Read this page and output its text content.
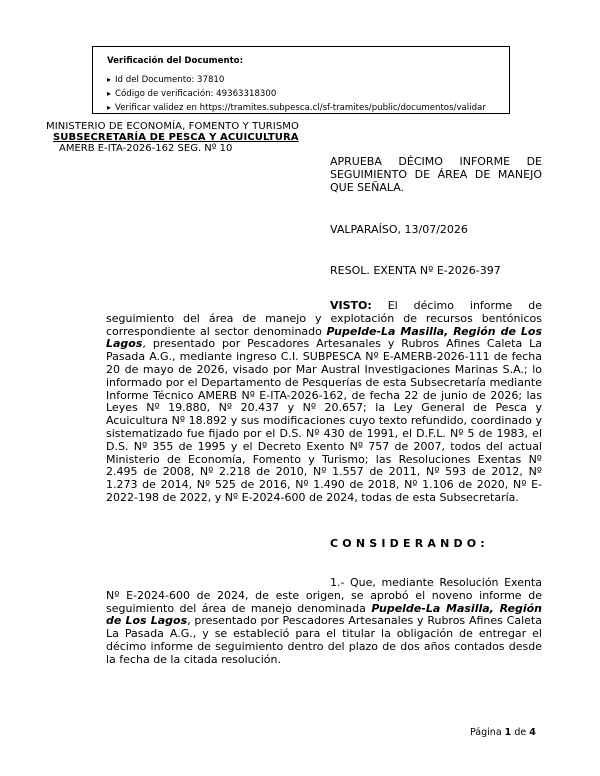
Verificación del Documento:
▸ Id del Documento: 37810
▸ Código de verificación: 49363318300
▸ Verificar validez en https://tramites.subpesca.cl/sf-tramites/public/documentos/validar
MINISTERIO DE ECONOMÍA, FOMENTO Y TURISMO
SUBSECRETARÍA DE PESCA Y ACUICULTURA
AMERB E-ITA-2026-162 SEG. Nº 10
APRUEBA DÉCIMO INFORME DE SEGUIMIENTO DE ÁREA DE MANEJO QUE SEÑALA.
VALPARAÍSO, 13/07/2026
RESOL. EXENTA Nº E-2026-397
VISTO: El décimo informe de seguimiento del área de manejo y explotación de recursos bentónicos correspondiente al sector denominado Pupelde-La Masilla, Región de Los Lagos, presentado por Pescadores Artesanales y Rubros Afines Caleta La Pasada A.G., mediante ingreso C.I. SUBPESCA Nº E-AMERB-2026-111 de fecha 20 de mayo de 2026, visado por Mar Austral Investigaciones Marinas S.A.; lo informado por el Departamento de Pesquerías de esta Subsecretaría mediante Informe Técnico AMERB Nº E-ITA-2026-162, de fecha 22 de junio de 2026; las Leyes Nº 19.880, Nº 20.437 y Nº 20.657; la Ley General de Pesca y Acuicultura Nº 18.892 y sus modificaciones cuyo texto refundido, coordinado y sistematizado fue fijado por el D.S. Nº 430 de 1991, el D.F.L. Nº 5 de 1983, el D.S. Nº 355 de 1995 y el Decreto Exento Nº 757 de 2007, todos del actual Ministerio de Economía, Fomento y Turismo; las Resoluciones Exentas Nº 2.495 de 2008, Nº 2.218 de 2010, Nº 1.557 de 2011, Nº 593 de 2012, Nº 1.273 de 2014, Nº 525 de 2016, Nº 1.490 de 2018, Nº 1.106 de 2020, Nº E-2022-198 de 2022, y Nº E-2024-600 de 2024, todas de esta Subsecretaría.
CONSIDERANDO:
1.- Que, mediante Resolución Exenta Nº E-2024-600 de 2024, de este origen, se aprobó el noveno informe de seguimiento del área de manejo denominada Pupelde-La Masilla, Región de Los Lagos, presentado por Pescadores Artesanales y Rubros Afines Caleta La Pasada A.G., y se estableció para el titular la obligación de entregar el décimo informe de seguimiento dentro del plazo de dos años contados desde la fecha de la citada resolución.
Página 1 de 4
